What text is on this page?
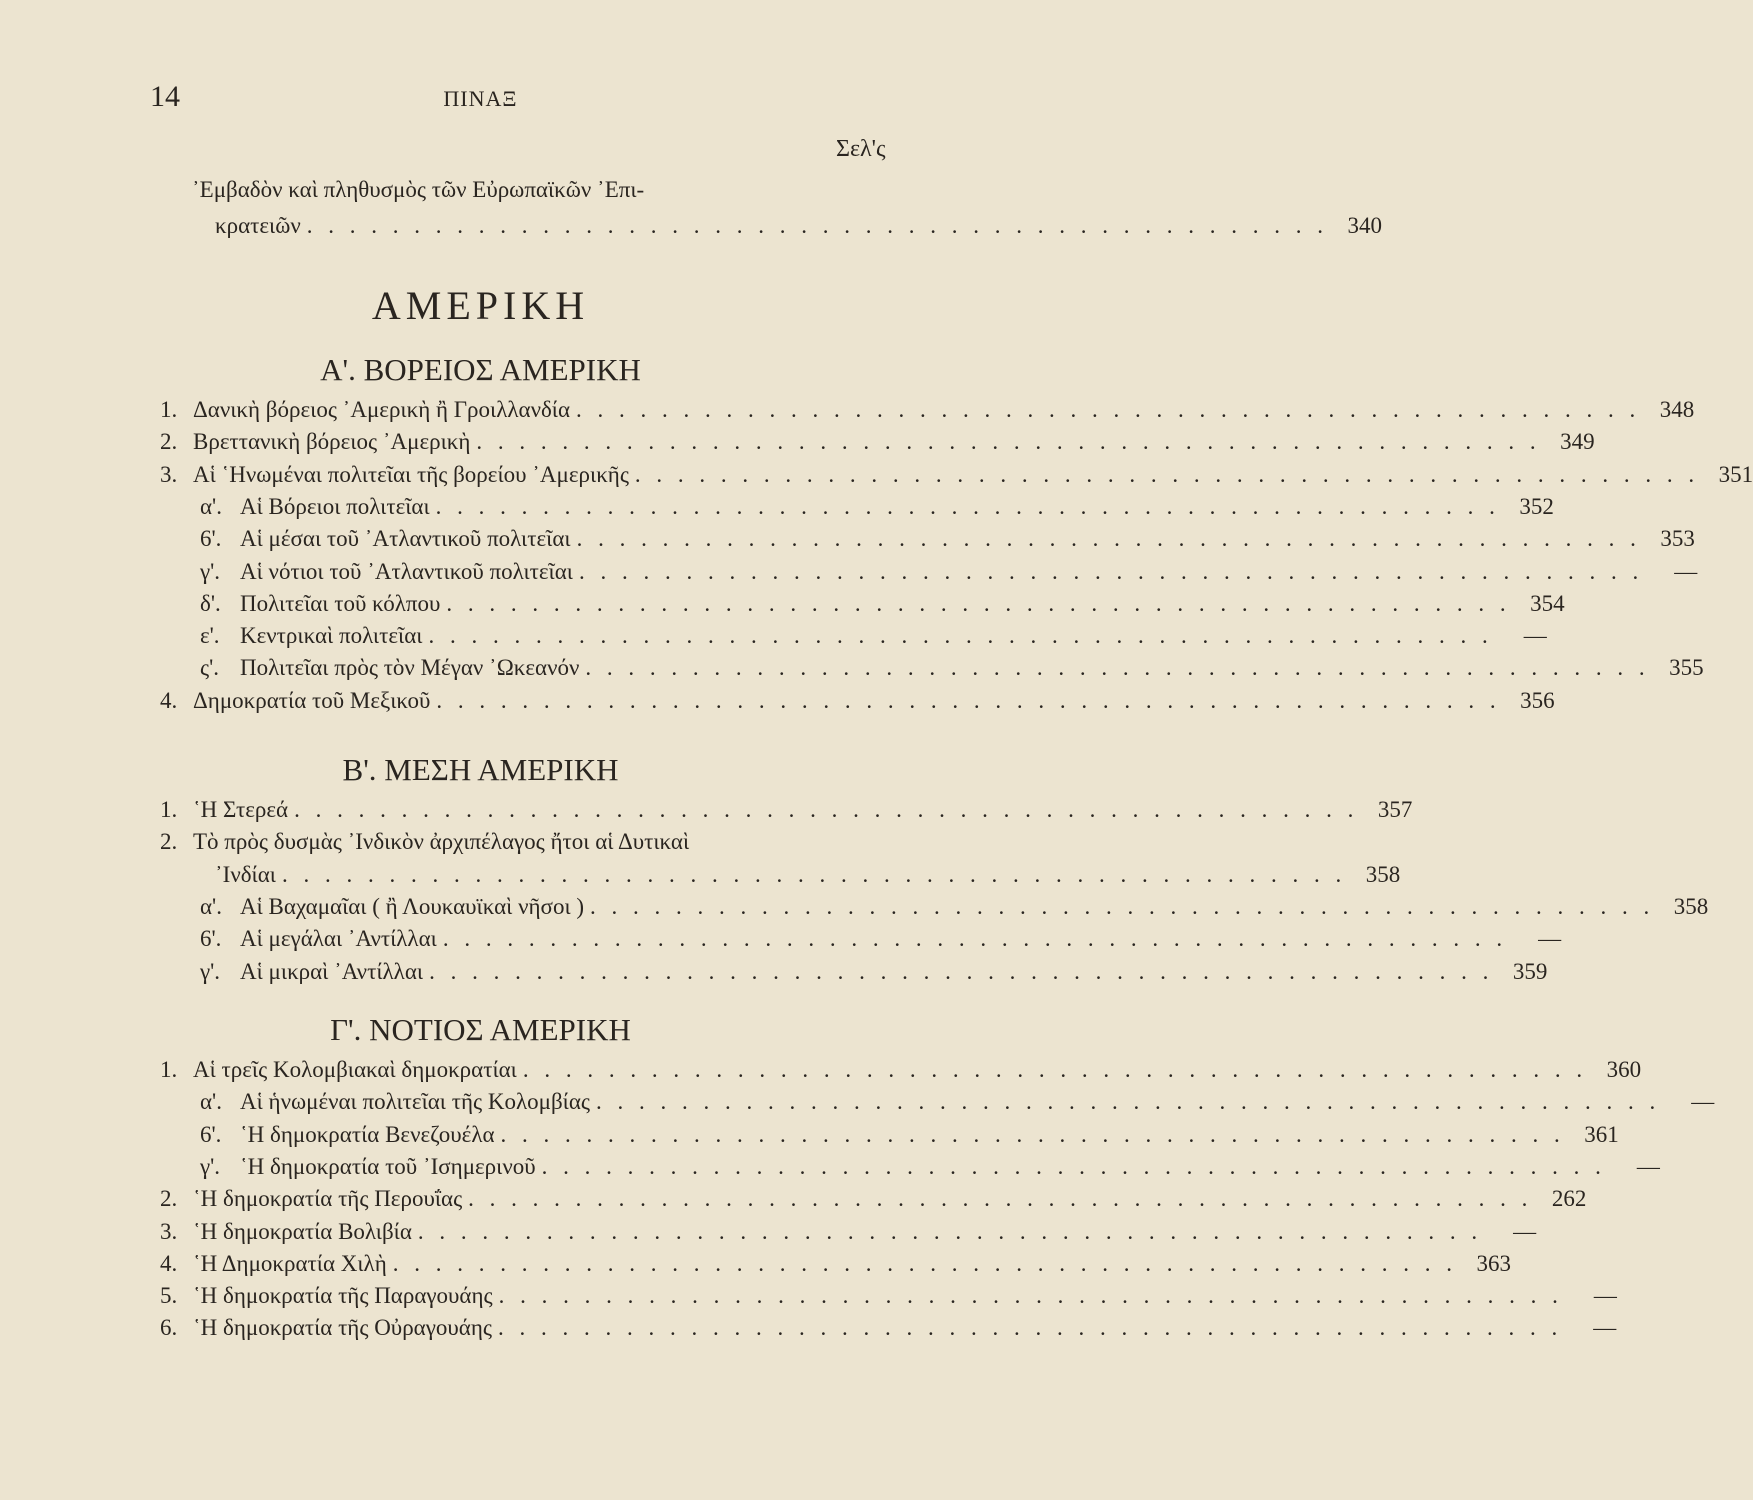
14	ΠΙΝΑΞ
Σελ'ς
᾿Εμβαδὸν καὶ πληθυσμὸς τῶν Εὐρωπαϊκῶν ᾿Επι-
κρατειῶν . . . . . . . . . . . . . . . . . . . . . . . . . . . . . . . . . . . . . . . . . . . . . . . . 340
ΑΜΕΡΙΚΗ
Α'. ΒΟΡΕΙΟΣ ΑΜΕΡΙΚΗ
1. Δανικὴ βόρειος ᾿Αμερικὴ ἢ Γροιλλανδία . . . . . . . . . . . . . . . . . . . . . . . . . . . . . . . . . . . . . . . . . . . . . . . . . . 348
2. Βρεττανικὴ βόρειος ᾿Αμερικὴ . . . . . . . . . . . . . . . . . . . . . . . . . . . . . . . . . . . . . . . . . . . . . . . . . . 349
3. Αἱ ῾Ηνωμέναι πολιτεῖαι τῆς βορείου ᾿Αμερικῆς . . . . . . . . . . . . . . . . . . . . . . . . . . . . . . . . . . . . . . . . . . . . . . . . . . 351
α'. Αἱ Βόρειοι πολιτεῖαι . . . . . . . . . . . . . . . . . . . . . . . . . . . . . . . . . . . . . . . . . . . . . . . . . . 352
6'. Αἱ μέσαι τοῦ ᾿Ατλαντικοῦ πολιτεῖαι . . . . . . . . . . . . . . . . . . . . . . . . . . . . . . . . . . . . . . . . . . . . . . . . . . 353
γ'. Αἱ νότιοι τοῦ ᾿Ατλαντικοῦ πολιτεῖαι . . . . . . . . . . . . . . . . . . . . . . . . . . . . . . . . . . . . . . . . . . . . . . . . . .	—
δ'. Πολιτεῖαι τοῦ κόλπου . . . . . . . . . . . . . . . . . . . . . . . . . . . . . . . . . . . . . . . . . . . . . . . . . . 354
ε'. Κεντρικαὶ πολιτεῖαι . . . . . . . . . . . . . . . . . . . . . . . . . . . . . . . . . . . . . . . . . . . . . . . . . .	—
ς'. Πολιτεῖαι πρὸς τὸν Μέγαν ᾿Ωκεανόν . . . . . . . . . . . . . . . . . . . . . . . . . . . . . . . . . . . . . . . . . . . . . . . . . . 355
4. Δημοκρατία τοῦ Μεξικοῦ . . . . . . . . . . . . . . . . . . . . . . . . . . . . . . . . . . . . . . . . . . . . . . . . . . 356
Β'. ΜΕΣΗ ΑΜΕΡΙΚΗ
1. ῾Η Στερεά . . . . . . . . . . . . . . . . . . . . . . . . . . . . . . . . . . . . . . . . . . . . . . . . . . 357
2. Τὸ πρὸς δυσμὰς ᾿Ινδικὸν ἀρχιπέλαγος ἤτοι αἱ Δυτικαὶ
᾿Ινδίαι . . . . . . . . . . . . . . . . . . . . . . . . . . . . . . . . . . . . . . . . . . . . . . . . . . 358
α'. Αἱ Βαχαμαῖαι ( ἢ Λουκαυϊκαὶ νῆσοι ) . . . . . . . . . . . . . . . . . . . . . . . . . . . . . . . . . . . . . . . . . . . . . . . . . . 358
6'. Αἱ μεγάλαι ᾿Αντίλλαι . . . . . . . . . . . . . . . . . . . . . . . . . . . . . . . . . . . . . . . . . . . . . . . . . .	—
γ'. Αἱ μικραὶ ᾿Αντίλλαι . . . . . . . . . . . . . . . . . . . . . . . . . . . . . . . . . . . . . . . . . . . . . . . . . . 359
Γ'. ΝΟΤΙΟΣ ΑΜΕΡΙΚΗ
1. Αἱ τρεῖς Κολομβιακαὶ δημοκρατίαι . . . . . . . . . . . . . . . . . . . . . . . . . . . . . . . . . . . . . . . . . . . . . . . . . . 360
α'. Αἱ ἡνωμέναι πολιτεῖαι τῆς Κολομβίας . . . . . . . . . . . . . . . . . . . . . . . . . . . . . . . . . . . . . . . . . . . . . . . . . .	—
6'. ῾Η δημοκρατία Βενεζουέλα . . . . . . . . . . . . . . . . . . . . . . . . . . . . . . . . . . . . . . . . . . . . . . . . . . 361
γ'. ῾Η δημοκρατία τοῦ ᾿Ισημερινοῦ . . . . . . . . . . . . . . . . . . . . . . . . . . . . . . . . . . . . . . . . . . . . . . . . . .	—
2. ῾Η δημοκρατία τῆς Περουΐας . . . . . . . . . . . . . . . . . . . . . . . . . . . . . . . . . . . . . . . . . . . . . . . . . . 262
3. ῾Η δημοκρατία Βολιβία . . . . . . . . . . . . . . . . . . . . . . . . . . . . . . . . . . . . . . . . . . . . . . . . . .	—
4. ῾Η Δημοκρατία Χιλὴ . . . . . . . . . . . . . . . . . . . . . . . . . . . . . . . . . . . . . . . . . . . . . . . . . . 363
5. ῾Η δημοκρατία τῆς Παραγουάης . . . . . . . . . . . . . . . . . . . . . . . . . . . . . . . . . . . . . . . . . . . . . . . . . .	—
6. ῾Η δημοκρατία τῆς Οὐραγουάης . . . . . . . . . . . . . . . . . . . . . . . . . . . . . . . . . . . . . . . . . . . . . . . . . .	—
